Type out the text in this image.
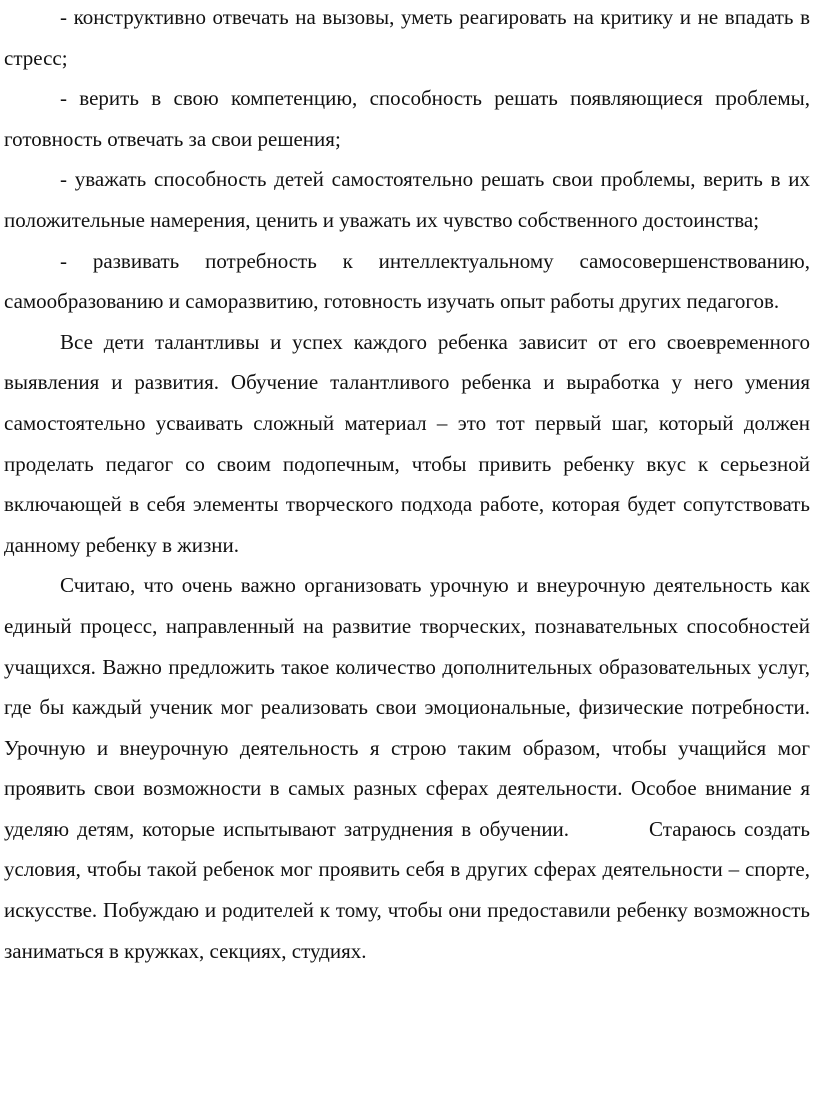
- конструктивно отвечать на вызовы, уметь реагировать на критику и не впадать в стресс;

- верить в свою компетенцию, способность решать появляющиеся проблемы, готовность отвечать за свои решения;

- уважать способность детей самостоятельно решать свои проблемы, верить в их положительные намерения, ценить и уважать их чувство собственного достоинства;

- развивать потребность к интеллектуальному самосовершенствованию, самообразованию и саморазвитию, готовность изучать опыт работы других педагогов.

Все дети талантливы и успех каждого ребенка зависит от его своевременного выявления и развития. Обучение талантливого ребенка и выработка у него умения самостоятельно усваивать сложный материал – это тот первый шаг, который должен проделать педагог со своим подопечным, чтобы привить ребенку вкус к серьезной включающей в себя элементы творческого подхода работе, которая будет сопутствовать данному ребенку в жизни.

Считаю, что очень важно организовать урочную и внеурочную деятельность как единый процесс, направленный на развитие творческих, познавательных способностей учащихся. Важно предложить такое количество дополнительных образовательных услуг, где бы каждый ученик мог реализовать свои эмоциональные, физические потребности. Урочную и внеурочную деятельность я строю таким образом, чтобы учащийся мог проявить свои возможности в самых разных сферах деятельности. Особое внимание я уделяю детям, которые испытывают затруднения в обучении.	Стараюсь создать условия, чтобы такой ребенок мог проявить себя в других сферах деятельности – спорте, искусстве. Побуждаю и родителей к тому, чтобы они предоставили ребенку возможность заниматься в кружках, секциях, студиях.
